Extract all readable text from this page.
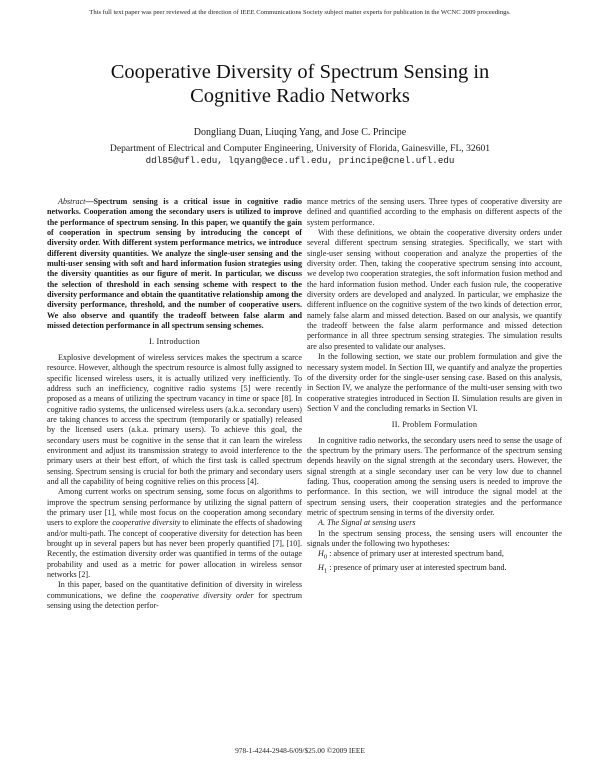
This full text paper was peer reviewed at the direction of IEEE Communications Society subject matter experts for publication in the WCNC 2009 proceedings.
Cooperative Diversity of Spectrum Sensing in
Cognitive Radio Networks
Dongliang Duan, Liuqing Yang, and Jose C. Principe
Department of Electrical and Computer Engineering, University of Florida, Gainesville, FL, 32601
ddl85@ufl.edu, lqyang@ece.ufl.edu, principe@cnel.ufl.edu

Abstract—Spectrum sensing is a critical issue in cognitive radio networks. Cooperation among the secondary users is utilized to improve the performance of spectrum sensing. In this paper, we quantify the gain of cooperation in spectrum sensing by introducing the concept of diversity order. With different system performance metrics, we introduce different diversity quantities. We analyze the single-user sensing and the multi-user sensing with soft and hard information fusion strategies using the diversity quantities as our figure of merit. In particular, we discuss the selection of threshold in each sensing scheme with respect to the diversity performance and obtain the quantitative relationship among the diversity performance, threshold, and the number of cooperative users. We also observe and quantify the tradeoff between false alarm and missed detection performance in all spectrum sensing schemes.

I. Introduction

Explosive development of wireless services makes the spectrum a scarce resource. However, although the spectrum resource is almost fully assigned to specific licensed wireless users, it is actually utilized very inefficiently. To address such an inefficiency, cognitive radio systems [5] were recently proposed as a means of utilizing the spectrum vacancy in time or space [8]. In cognitive radio systems, the unlicensed wireless users (a.k.a. secondary users) are taking chances to access the spectrum (temporarily or spatially) released by the licensed users (a.k.a. primary users). To achieve this goal, the secondary users must be cognitive in the sense that it can learn the wireless environment and adjust its transmission strategy to avoid interference to the primary users at their best effort, of which the first task is called spectrum sensing. Spectrum sensing is crucial for both the primary and secondary users and all the capability of being cognitive relies on this process [4].

Among current works on spectrum sensing, some focus on algorithms to improve the spectrum sensing performance by utilizing the signal pattern of the primary user [1], while most focus on the cooperation among secondary users to explore the cooperative diversity to eliminate the effects of shadowing and/or multi-path. The concept of cooperative diversity for detection has been brought up in several papers but has never been properly quantified [7], [10]. Recently, the estimation diversity order was quantified in terms of the outage probability and used as a metric for power allocation in wireless sensor networks [2].

In this paper, based on the quantitative definition of diversity in wireless communications, we define the cooperative diversity order for spectrum sensing using the detection perfor-

mance metrics of the sensing users. Three types of cooperative diversity are defined and quantified according to the emphasis on different aspects of the system performance.

With these definitions, we obtain the cooperative diversity orders under several different spectrum sensing strategies. Specifically, we start with single-user sensing without cooperation and analyze the properties of the diversity order. Then, taking the cooperative spectrum sensing into account, we develop two cooperation strategies, the soft information fusion method and the hard information fusion method. Under each fusion rule, the cooperative diversity orders are developed and analyzed. In particular, we emphasize the different influence on the cognitive system of the two kinds of detection error, namely false alarm and missed detection. Based on our analysis, we quantify the tradeoff between the false alarm performance and missed detection performance in all three spectrum sensing strategies. The simulation results are also presented to validate our analyses.

In the following section, we state our problem formulation and give the necessary system model. In Section III, we quantify and analyze the properties of the diversity order for the single-user sensing case. Based on this analysis, in Section IV, we analyze the performance of the multi-user sensing with two cooperative strategies introduced in Section II. Simulation results are given in Section V and the concluding remarks in Section VI.

II. Problem Formulation

In cognitive radio networks, the secondary users need to sense the usage of the spectrum by the primary users. The performance of the spectrum sensing depends heavily on the signal strength at the secondary users. However, the signal strength at a single secondary user can be very low due to channel fading. Thus, cooperation among the sensing users is needed to improve the performance. In this section, we will introduce the signal model at the spectrum sensing users, their cooperation strategies and the performance metric of spectrum sensing in terms of the diversity order.

A. The Signal at sensing users

In the spectrum sensing process, the sensing users will encounter the signals under the following two hypotheses:

$H_0$ : absence of primary user at interested spectrum band,

$H_1$ : presence of primary user at interested spectrum band.

978-1-4244-2948-6/09/$25.00 ©2009 IEEE
